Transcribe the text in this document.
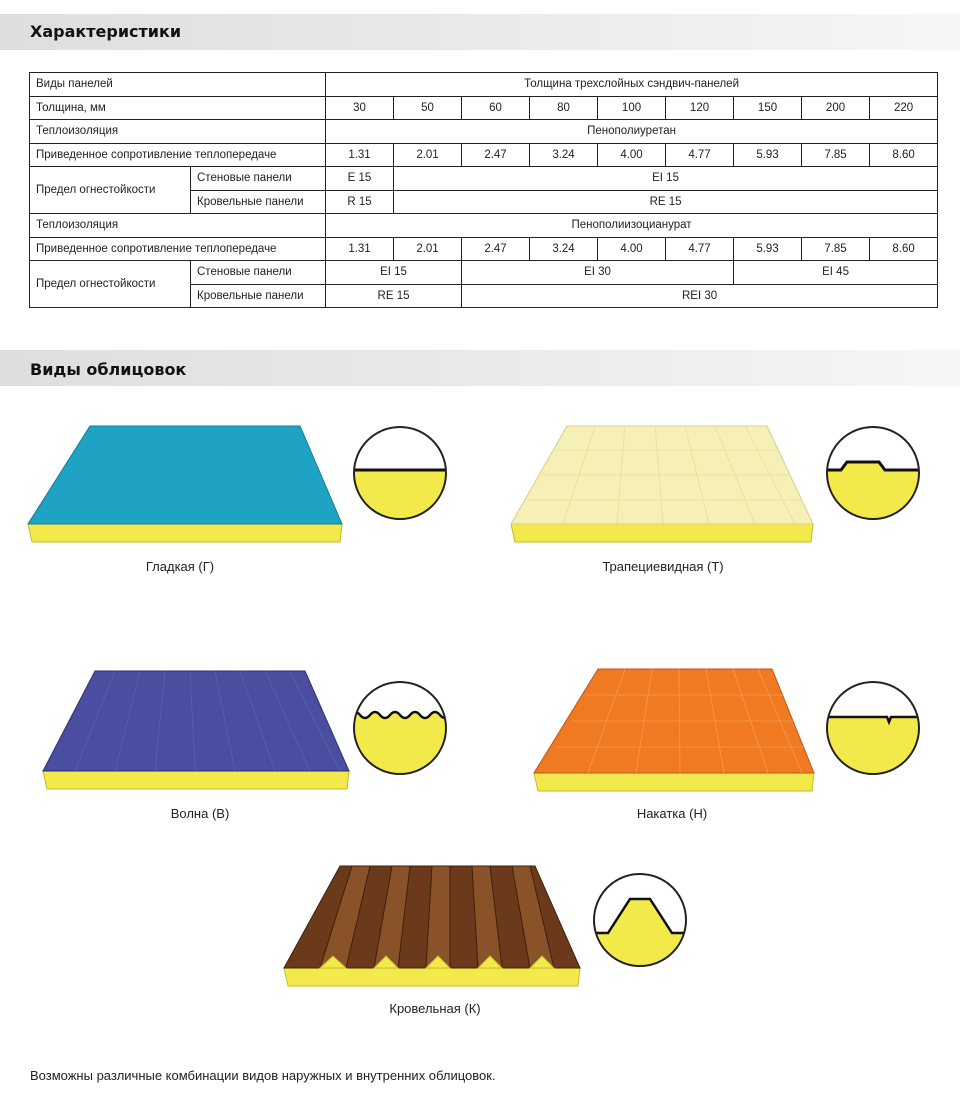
Характеристики
Виды панелей		Толщина трехслойных сэндвич-панелей								
Толщина, мм		30	50	60	80	100	120	150	200	220
Теплоизоляция		Пенополиуретан								
Приведенное сопротивление теплопередаче		1.31	2.01	2.47	3.24	4.00	4.77	5.93	7.85	8.60
Предел огнестойкости	Стеновые панели	E 15	EI 15							
	Кровельные панели	R 15	RE 15							
Теплоизоляция		Пенополиизоцианурат								
Приведенное сопротивление теплопередаче		1.31	2.01	2.47	3.24	4.00	4.77	5.93	7.85	8.60
Предел огнестойкости	Стеновые панели	EI 15		EI 30				EI 45		
	Кровельные панели	RE 15		REI 30						
Виды облицовок
Гладкая (Г)	Трапециевидная (Т)
Волна (В)	Накатка (Н)
Кровельная (К)
Возможны различные комбинации видов наружных и внутренних облицовок.
